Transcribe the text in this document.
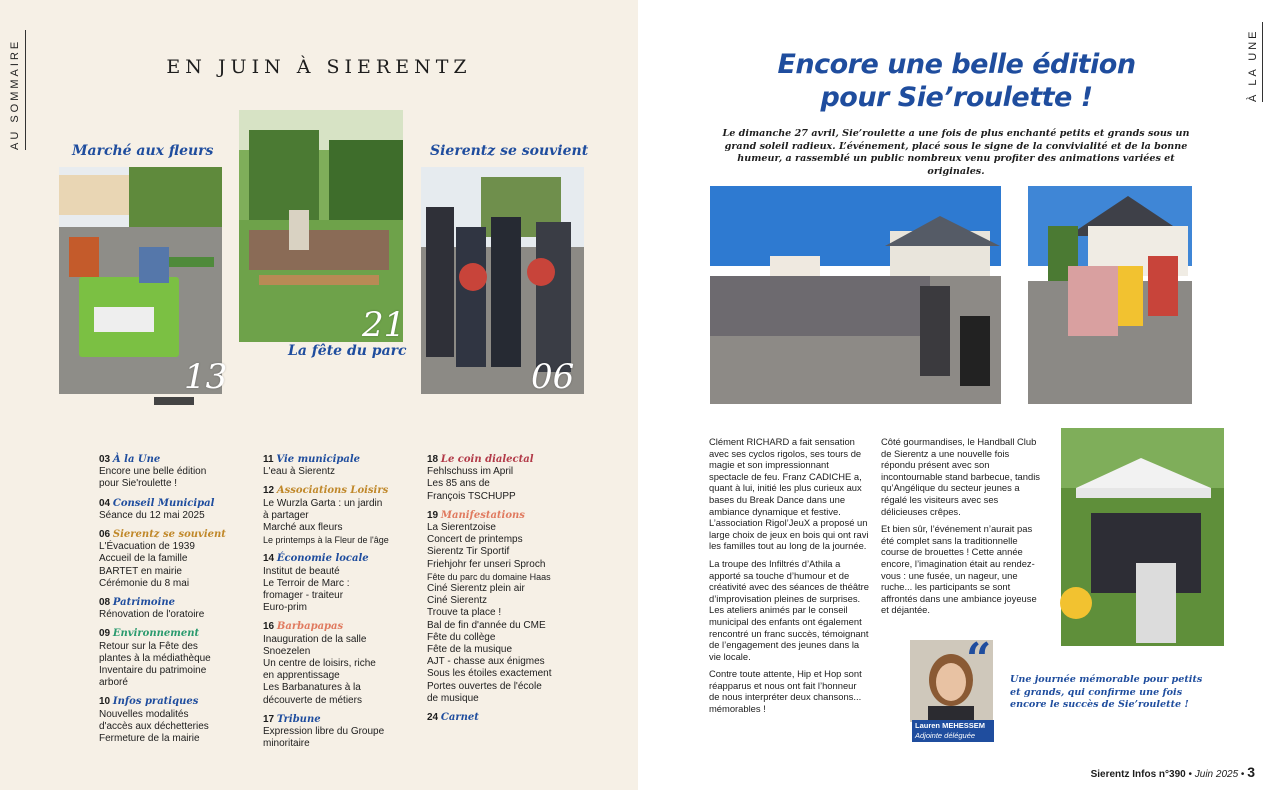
AU SOMMAIRE	À LA UNE
EN JUIN À SIERENTZ
Marché aux fleurs
13
21
La fête du parc
Sierentz se souvient
06
03 À la Une
Encore une belle édition
pour Sie'roulette !
04 Conseil Municipal
Séance du 12 mai 2025
06 Sierentz se souvient
L'Évacuation de 1939
Accueil de la famille
BARTET en mairie
Cérémonie du 8 mai
08 Patrimoine
Rénovation de l'oratoire
09 Environnement
Retour sur la Fête des
plantes à la médiathèque
Inventaire du patrimoine
arboré
10 Infos pratiques
Nouvelles modalités
d'accès aux déchetteries
Fermeture de la mairie
11 Vie municipale
L'eau à Sierentz
12 Associations Loisirs
Le Wurzla Garta : un jardin
à partager
Marché aux fleurs
Le printemps à la Fleur de l'âge
14 Économie locale
Institut de beauté
Le Terroir de Marc :
fromager - traiteur
Euro-prim
16 Barbapapas
Inauguration de la salle
Snoezelen
Un centre de loisirs, riche
en apprentissage
Les Barbanatures à la
découverte de métiers
17 Tribune
Expression libre du Groupe
minoritaire
18 Le coin dialectal
Fehlschuss im April
Les 85 ans de
François TSCHUPP
19 Manifestations
La Sierentzoise
Concert de printemps
Sierentz Tir Sportif
Friehjohr fer unseri Sproch
Fête du parc du domaine Haas
Ciné Sierentz plein air
Ciné Sierentz
Trouve ta place !
Bal de fin d'année du CME
Fête du collège
Fête de la musique
AJT - chasse aux énigmes
Sous les étoiles exactement
Portes ouvertes de l'école
de musique
24 Carnet
Encore une belle édition
pour Sie’roulette !
Le dimanche 27 avril, Sie’roulette a une fois de plus enchanté petits et grands sous un grand soleil radieux. L’événement, placé sous le signe de la convivialité et de la bonne humeur, a rassemblé un public nombreux venu profiter des animations variées et originales.

Clément RICHARD a fait sensation avec ses cyclos rigolos, ses tours de magie et son impressionnant spectacle de feu. Franz CADICHE a, quant à lui, initié les plus curieux aux bases du Break Dance dans une ambiance dynamique et festive. L’association Rigol’JeuX a proposé un large choix de jeux en bois qui ont ravi les familles tout au long de la journée.

La troupe des Infiltrés d’Athila a apporté sa touche d’humour et de créativité avec des séances de théâtre d’improvisation pleines de surprises. Les ateliers animés par le conseil municipal des enfants ont également rencontré un franc succès, témoignant de l’engagement des jeunes dans la vie locale.

Contre toute attente, Hip et Hop sont réapparus et nous ont fait l’honneur de nous interpréter deux chansons... mémorables !

Côté gourmandises, le Handball Club de Sierentz a une nouvelle fois répondu présent avec son incontournable stand barbecue, tandis qu’Angélique du secteur jeunes a régalé les visiteurs avec ses délicieuses crêpes.

Et bien sûr, l’événement n’aurait pas été complet sans la traditionnelle course de brouettes ! Cette année encore, l’imagination était au rendez-vous : une fusée, un nageur, une ruche... les participants se sont affrontés dans une ambiance joyeuse et déjantée.

Lauren MEHESSEM
Adjointe déléguée
“ Une journée mémorable pour petits et grands, qui confirme une fois encore le succès de Sie’roulette !
Sierentz Infos n°390 • Juin 2025 • 3
